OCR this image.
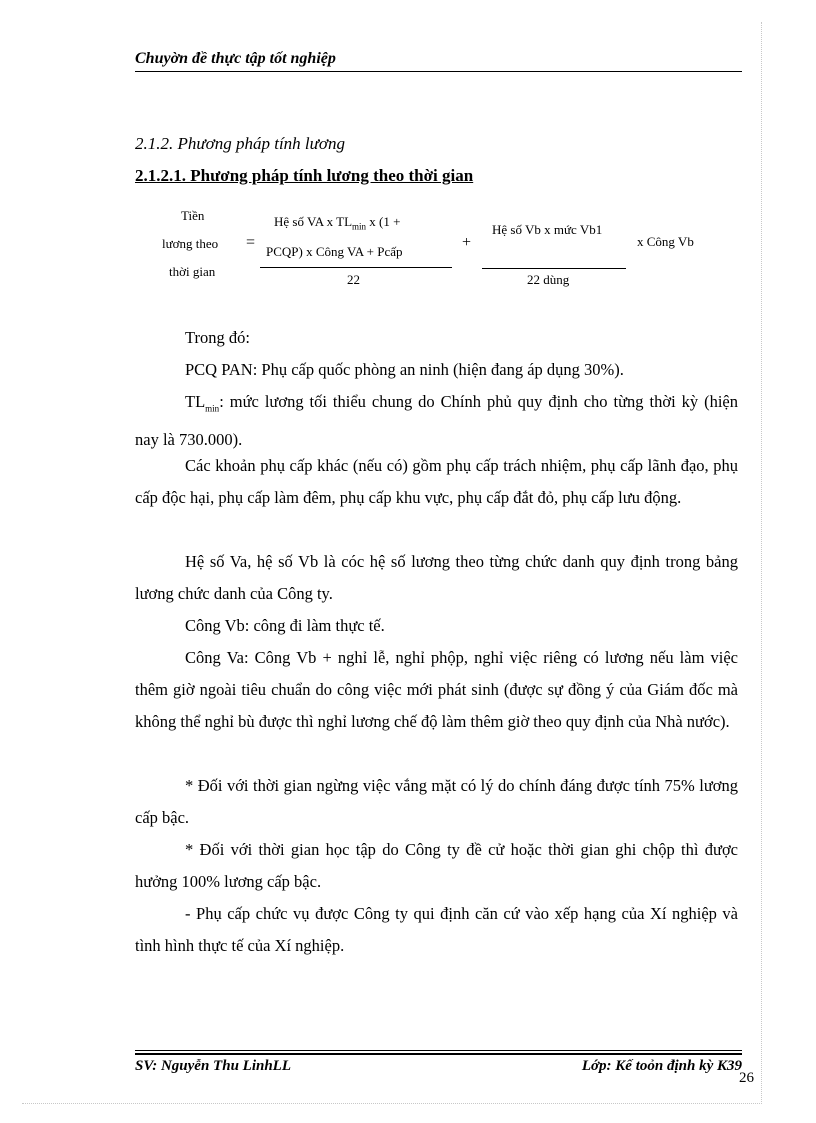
Chuyờn đề thực tập tốt nghiệp
2.1.2. Phương pháp tính lương
2.1.2.1. Phương pháp tính lương theo thời gian
Tiền
lương theo
thời gian
=
Hệ số VA x $TL_{min}$ x (1 +
PCQP) x Công VA + Pcấp
22
+
Hệ số Vb x mức Vb1
22 dùng
x Công Vb
Trong đó:
PCQ PAN: Phụ cấp quốc phòng an ninh (hiện đang áp dụng 30%).
$TL_{min}$: mức lương tối thiểu chung do Chính phủ quy định cho từng thời kỳ (hiện nay là 730.000).
Các khoản phụ cấp khác (nếu có) gồm phụ cấp trách nhiệm, phụ cấp lãnh đạo, phụ cấp độc hại, phụ cấp làm đêm, phụ cấp khu vực, phụ cấp đắt đỏ, phụ cấp lưu động.
Hệ số Va, hệ số Vb là cóc hệ số lương theo từng chức danh quy định trong bảng lương chức danh của Công ty.
Công Vb: công đi làm thực tế.
Công Va: Công Vb + nghỉ lễ, nghỉ phộp, nghỉ việc riêng có lương nếu làm việc thêm giờ ngoài tiêu chuẩn do công việc mới phát sinh (được sự đồng ý của Giám đốc mà không thể nghỉ bù được thì nghỉ lương chế độ làm thêm giờ theo quy định của Nhà nước).
* Đối với thời gian ngừng việc vắng mặt có lý do chính đáng được tính 75% lương cấp bậc.
* Đối với thời gian học tập do Công ty đề cử hoặc thời gian ghi chộp thì được hưởng 100% lương cấp bậc.
- Phụ cấp chức vụ được Công ty qui định căn cứ vào xếp hạng của Xí nghiệp và tình hình thực tế của Xí nghiệp.
SV: Nguyễn Thu LinhLL	Lớp: Kế toỏn định kỳ K39
26
